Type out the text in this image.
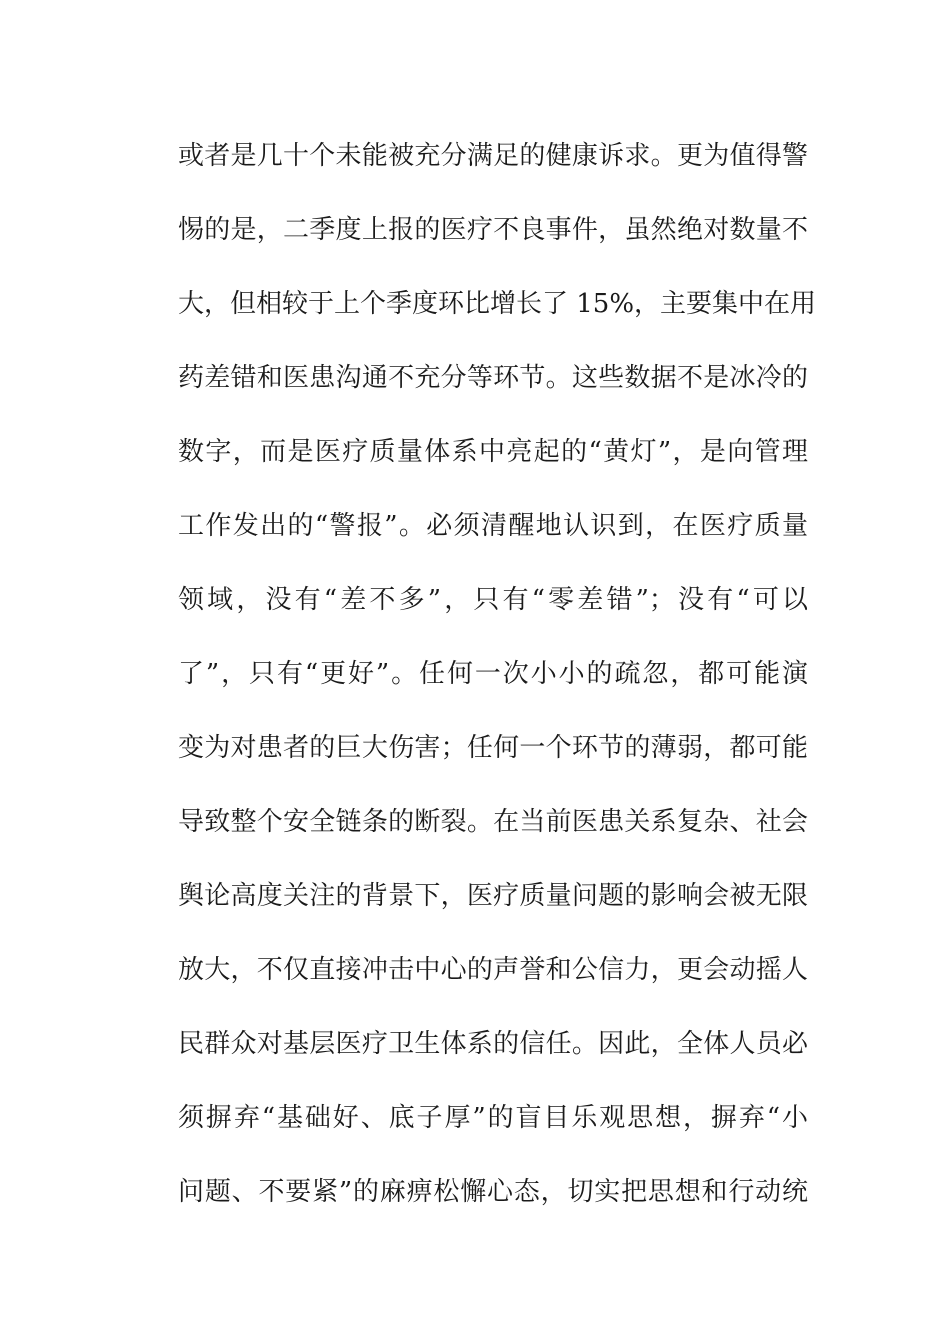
或者是几十个未能被充分满足的健康诉求。更为值得警
惕的是，二季度上报的医疗不良事件，虽然绝对数量不
大，但相较于上个季度环比增长了 15%，主要集中在用
药差错和医患沟通不充分等环节。这些数据不是冰冷的
数字，而是医疗质量体系中亮起的“黄灯”，是向管理
工作发出的“警报”。必须清醒地认识到，在医疗质量
领域，没有“差不多”，只有“零差错”；没有“可以
了”，只有“更好”。任何一次小小的疏忽，都可能演
变为对患者的巨大伤害；任何一个环节的薄弱，都可能
导致整个安全链条的断裂。在当前医患关系复杂、社会
舆论高度关注的背景下，医疗质量问题的影响会被无限
放大，不仅直接冲击中心的声誉和公信力，更会动摇人
民群众对基层医疗卫生体系的信任。因此，全体人员必
须摒弃“基础好、底子厚”的盲目乐观思想，摒弃“小
问题、不要紧”的麻痹松懈心态，切实把思想和行动统
